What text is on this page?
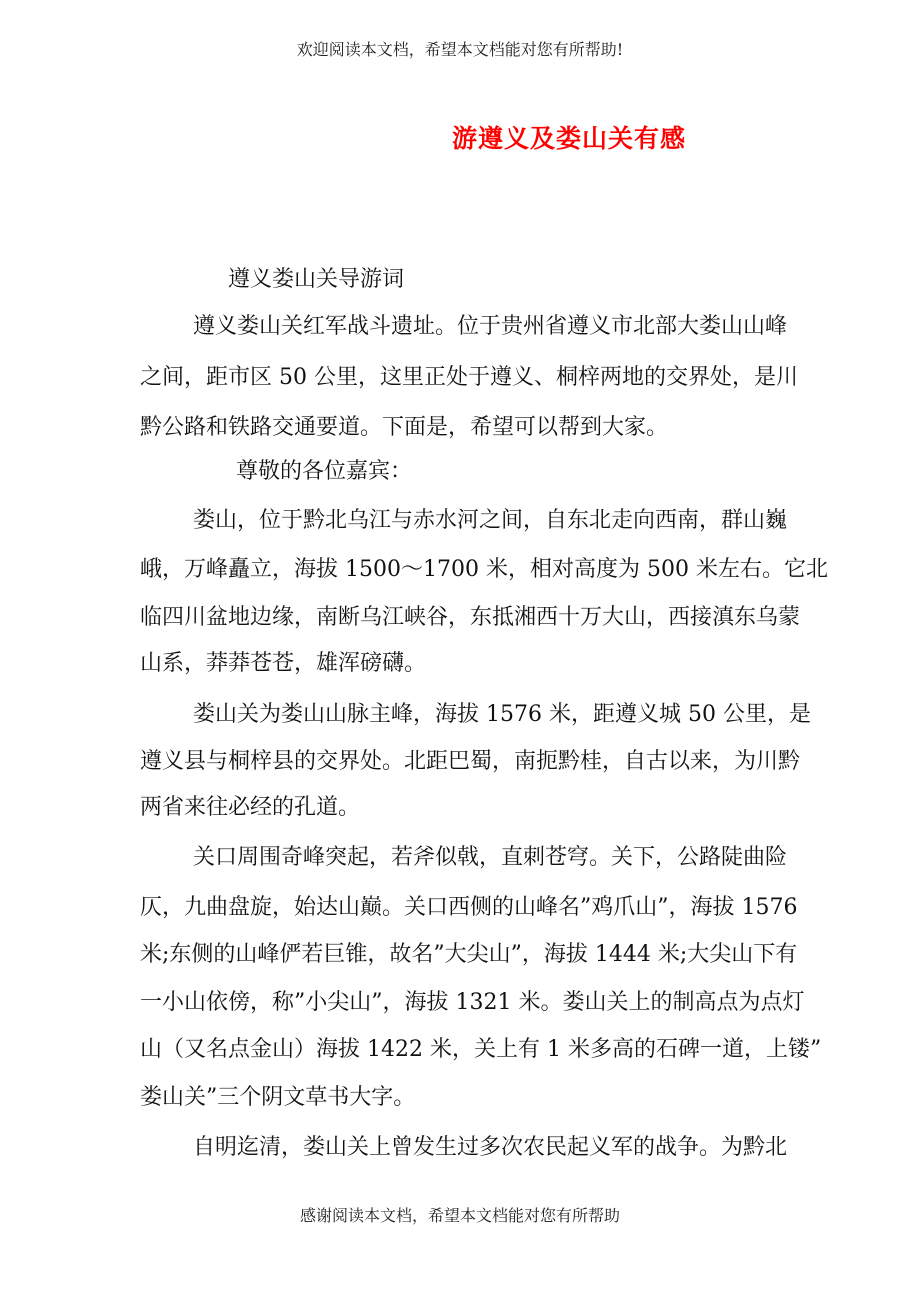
欢迎阅读本文档，希望本文档能对您有所帮助!
游遵义及娄山关有感
遵义娄山关导游词
遵义娄山关红军战斗遗址。位于贵州省遵义市北部大娄山山峰
之间，距市区 50 公里，这里正处于遵义、桐梓两地的交界处，是川
黔公路和铁路交通要道。下面是，希望可以帮到大家。
尊敬的各位嘉宾：
娄山，位于黔北乌江与赤水河之间，自东北走向西南，群山巍
峨，万峰矗立，海拔 1500～1700 米，相对高度为 500 米左右。它北
临四川盆地边缘，南断乌江峡谷，东抵湘西十万大山，西接滇东乌蒙
山系，莽莽苍苍，雄浑磅礴。
娄山关为娄山山脉主峰，海拔 1576 米，距遵义城 50 公里，是
遵义县与桐梓县的交界处。北距巴蜀，南扼黔桂，自古以来，为川黔
两省来往必经的孔道。
关口周围奇峰突起，若斧似戟，直刺苍穹。关下，公路陡曲险
仄，九曲盘旋，始达山巅。关口西侧的山峰名”鸡爪山”，海拔 1576
米;东侧的山峰俨若巨锥，故名”大尖山”，海拔 1444 米;大尖山下有
一小山依傍，称”小尖山”，海拔 1321 米。娄山关上的制高点为点灯
山（又名点金山）海拔 1422 米，关上有 1 米多高的石碑一道，上镂”
娄山关”三个阴文草书大字。
自明迄清，娄山关上曾发生过多次农民起义军的战争。为黔北
感谢阅读本文档，希望本文档能对您有所帮助
